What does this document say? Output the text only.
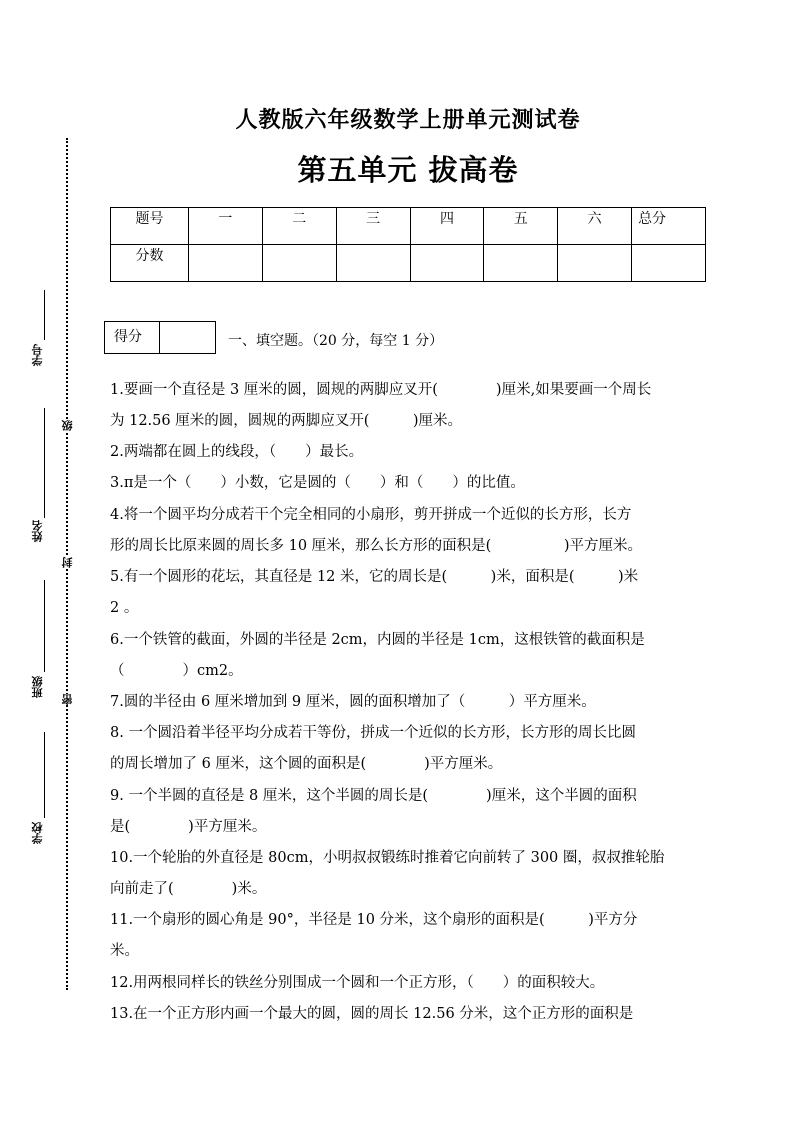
学号
姓名
班级
学校
级
封
密
人教版六年级数学上册单元测试卷
第五单元 拔高卷
题号	一	二	三	四	五	六	总分
分数							
得分	一、填空题。（20 分，每空 1 分）
1.要画一个直径是 3 厘米的圆，圆规的两脚应叉开(　　　　)厘米,如果要画一个周长
为 12.56 厘米的圆，圆规的两脚应叉开(　　　)厘米。
2.两端都在圆上的线段，（　　）最长。
3.π是一个（　　）小数，它是圆的（　　）和（　　）的比值。
4.将一个圆平均分成若干个完全相同的小扇形，剪开拼成一个近似的长方形，长方
形的周长比原来圆的周长多 10 厘米，那么长方形的面积是(　　　　　)平方厘米。
5.有一个圆形的花坛，其直径是 12 米，它的周长是(　　　)米，面积是(　　　)米
2 。
6.一个铁管的截面，外圆的半径是 2cm，内圆的半径是 1cm，这根铁管的截面积是
（　　　　）cm2。
7.圆的半径由 6 厘米增加到 9 厘米，圆的面积增加了（　　　）平方厘米。
8. 一个圆沿着半径平均分成若干等份，拼成一个近似的长方形，长方形的周长比圆
的周长增加了 6 厘米，这个圆的面积是(　　　　)平方厘米。
9. 一个半圆的直径是 8 厘米，这个半圆的周长是(　　　　)厘米，这个半圆的面积
是(　　　　)平方厘米。
10.一个轮胎的外直径是 80cm，小明叔叔锻练时推着它向前转了 300 圈，叔叔推轮胎
向前走了(　　　　)米。
11.一个扇形的圆心角是 90°，半径是 10 分米，这个扇形的面积是(　　　)平方分
米。
12.用两根同样长的铁丝分别围成一个圆和一个正方形，（　　）的面积较大。
13.在一个正方形内画一个最大的圆，圆的周长 12.56 分米，这个正方形的面积是
